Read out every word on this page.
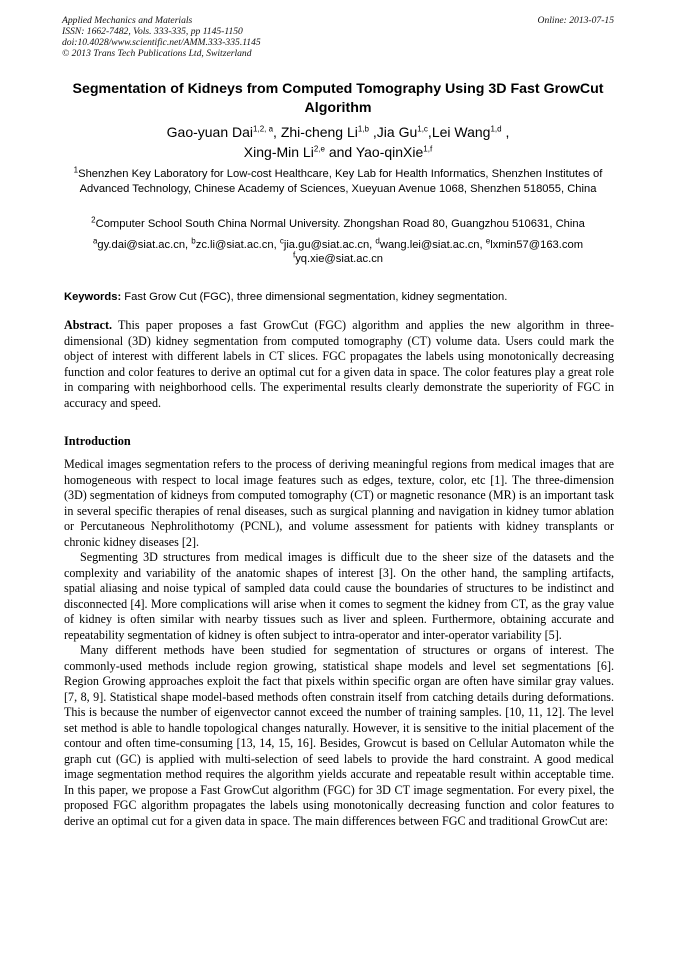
Applied Mechanics and Materials
ISSN: 1662-7482, Vols. 333-335, pp 1145-1150
doi:10.4028/www.scientific.net/AMM.333-335.1145
© 2013 Trans Tech Publications Ltd, Switzerland
Online: 2013-07-15
Segmentation of Kidneys from Computed Tomography Using 3D Fast GrowCut Algorithm
Gao-yuan Dai$^{1,2, a}$, Zhi-cheng Li$^{1,b}$ ,Jia Gu$^{1,c}$,Lei Wang$^{1,d}$ ,
Xing-Min Li$^{2,e}$ and Yao-qinXie$^{1,f}$
$^1$Shenzhen Key Laboratory for Low-cost Healthcare, Key Lab for Health Informatics, Shenzhen Institutes of Advanced Technology, Chinese Academy of Sciences, Xueyuan Avenue 1068, Shenzhen 518055, China
$^2$Computer School South China Normal University. Zhongshan Road 80, Guangzhou 510631, China
$^a$gy.dai@siat.ac.cn, $^b$zc.li@siat.ac.cn, $^c$jia.gu@siat.ac.cn, $^d$wang.lei@siat.ac.cn, $^e$lxmin57@163.com
$^f$yq.xie@siat.ac.cn
Keywords: Fast Grow Cut (FGC), three dimensional segmentation, kidney segmentation.
Abstract. This paper proposes a fast GrowCut (FGC) algorithm and applies the new algorithm in three-dimensional (3D) kidney segmentation from computed tomography (CT) volume data. Users could mark the object of interest with different labels in CT slices. FGC propagates the labels using monotonically decreasing function and color features to derive an optimal cut for a given data in space. The color features play a great role in comparing with neighborhood cells. The experimental results clearly demonstrate the superiority of FGC in accuracy and speed.
Introduction

Medical images segmentation refers to the process of deriving meaningful regions from medical images that are homogeneous with respect to local image features such as edges, texture, color, etc [1]. The three-dimension (3D) segmentation of kidneys from computed tomography (CT) or magnetic resonance (MR) is an important task in several specific therapies of renal diseases, such as surgical planning and navigation in kidney tumor ablation or Percutaneous Nephrolithotomy (PCNL), and volume assessment for patients with kidney transplants or chronic kidney diseases [2].

Segmenting 3D structures from medical images is difficult due to the sheer size of the datasets and the complexity and variability of the anatomic shapes of interest [3]. On the other hand, the sampling artifacts, spatial aliasing and noise typical of sampled data could cause the boundaries of structures to be indistinct and disconnected [4]. More complications will arise when it comes to segment the kidney from CT, as the gray value of kidney is often similar with nearby tissues such as liver and spleen. Furthermore, obtaining accurate and repeatability segmentation of kidney is often subject to intra-operator and inter-operator variability [5].

Many different methods have been studied for segmentation of structures or organs of interest. The commonly-used methods include region growing, statistical shape models and level set segmentations [6]. Region Growing approaches exploit the fact that pixels within specific organ are often have similar gray values. [7, 8, 9]. Statistical shape model-based methods often constrain itself from catching details during deformations. This is because the number of eigenvector cannot exceed the number of training samples. [10, 11, 12]. The level set method is able to handle topological changes naturally. However, it is sensitive to the initial placement of the contour and often time-consuming [13, 14, 15, 16]. Besides, Growcut is based on Cellular Automaton while the graph cut (GC) is applied with multi-selection of seed labels to provide the hard constraint. A good medical image segmentation method requires the algorithm yields accurate and repeatable result within acceptable time. In this paper, we propose a Fast GrowCut algorithm (FGC) for 3D CT image segmentation. For every pixel, the proposed FGC algorithm propagates the labels using monotonically decreasing function and color features to derive an optimal cut for a given data in space. The main differences between FGC and traditional GrowCut are:
